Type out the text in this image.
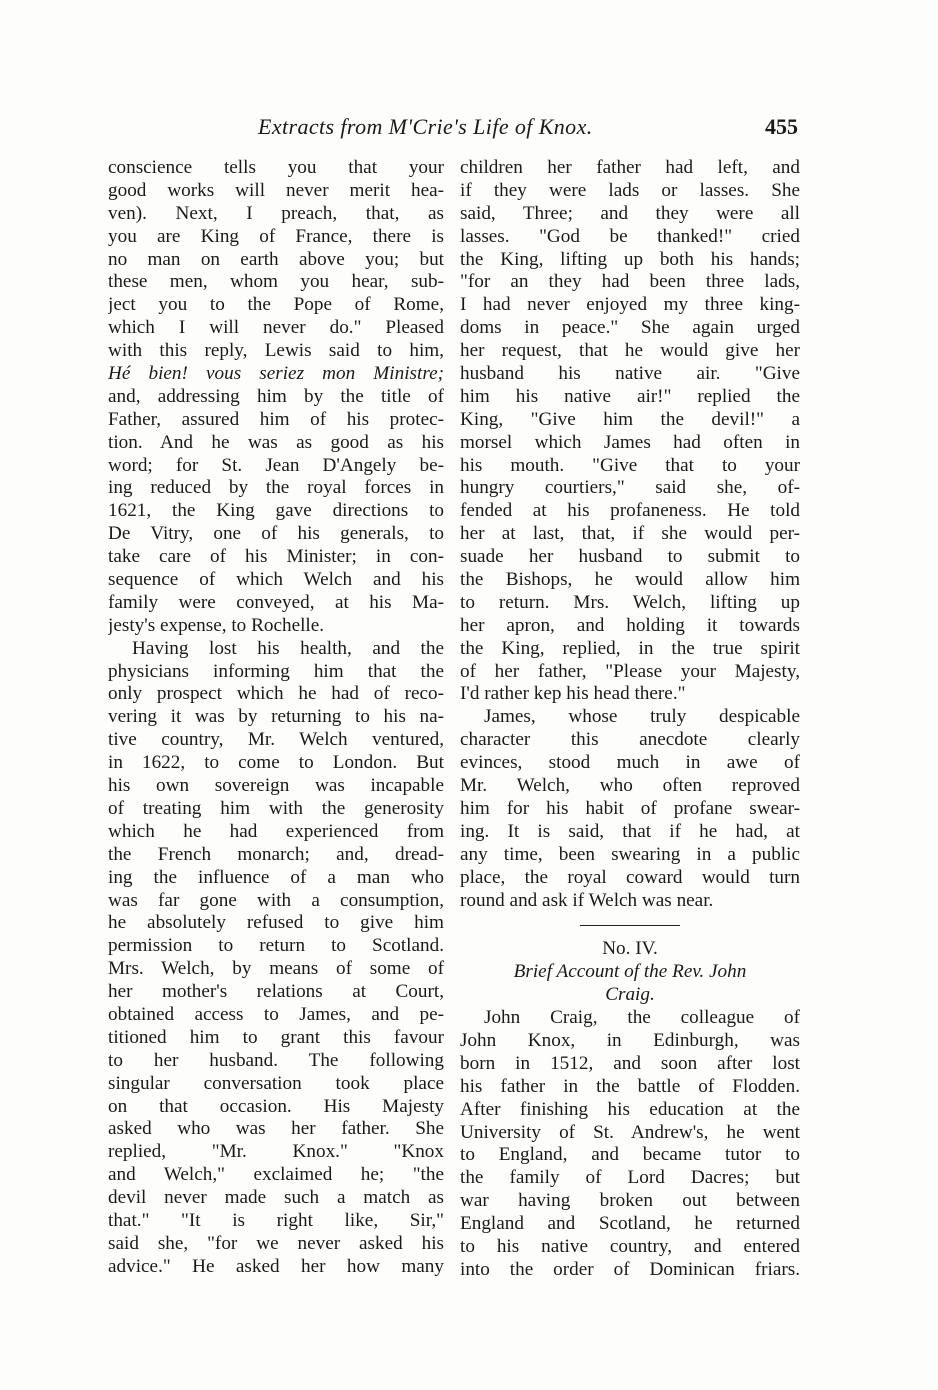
Extracts from M'Crie's Life of Knox.	455
conscience tells you that your
good works will never merit hea-
ven). Next, I preach, that, as
you are King of France, there is
no man on earth above you; but
these men, whom you hear, sub-
ject you to the Pope of Rome,
which I will never do." Pleased
with this reply, Lewis said to him,
Hé bien! vous seriez mon Ministre;
and, addressing him by the title of
Father, assured him of his protec-
tion. And he was as good as his
word; for St. Jean D'Angely be-
ing reduced by the royal forces in
1621, the King gave directions to
De Vitry, one of his generals, to
take care of his Minister; in con-
sequence of which Welch and his
family were conveyed, at his Ma-
jesty's expense, to Rochelle.
Having lost his health, and the
physicians informing him that the
only prospect which he had of reco-
vering it was by returning to his na-
tive country, Mr. Welch ventured,
in 1622, to come to London. But
his own sovereign was incapable
of treating him with the generosity
which he had experienced from
the French monarch; and, dread-
ing the influence of a man who
was far gone with a consumption,
he absolutely refused to give him
permission to return to Scotland.
Mrs. Welch, by means of some of
her mother's relations at Court,
obtained access to James, and pe-
titioned him to grant this favour
to her husband. The following
singular conversation took place
on that occasion. His Majesty
asked who was her father. She
replied, "Mr. Knox." "Knox
and Welch," exclaimed he; "the
devil never made such a match as
that." "It is right like, Sir,"
said she, "for we never asked his
advice." He asked her how many
children her father had left, and
if they were lads or lasses. She
said, Three; and they were all
lasses. "God be thanked!" cried
the King, lifting up both his hands;
"for an they had been three lads,
I had never enjoyed my three king-
doms in peace." She again urged
her request, that he would give her
husband his native air. "Give
him his native air!" replied the
King, "Give him the devil!" a
morsel which James had often in
his mouth. "Give that to your
hungry courtiers," said she, of-
fended at his profaneness. He told
her at last, that, if she would per-
suade her husband to submit to
the Bishops, he would allow him
to return. Mrs. Welch, lifting up
her apron, and holding it towards
the King, replied, in the true spirit
of her father, "Please your Majesty,
I'd rather kep his head there."
James, whose truly despicable
character this anecdote clearly
evinces, stood much in awe of
Mr. Welch, who often reproved
him for his habit of profane swear-
ing. It is said, that if he had, at
any time, been swearing in a public
place, the royal coward would turn
round and ask if Welch was near.
No. IV.
Brief Account of the Rev. John
Craig.
John Craig, the colleague of
John Knox, in Edinburgh, was
born in 1512, and soon after lost
his father in the battle of Flodden.
After finishing his education at the
University of St. Andrew's, he went
to England, and became tutor to
the family of Lord Dacres; but
war having broken out between
England and Scotland, he returned
to his native country, and entered
into the order of Dominican friars.
